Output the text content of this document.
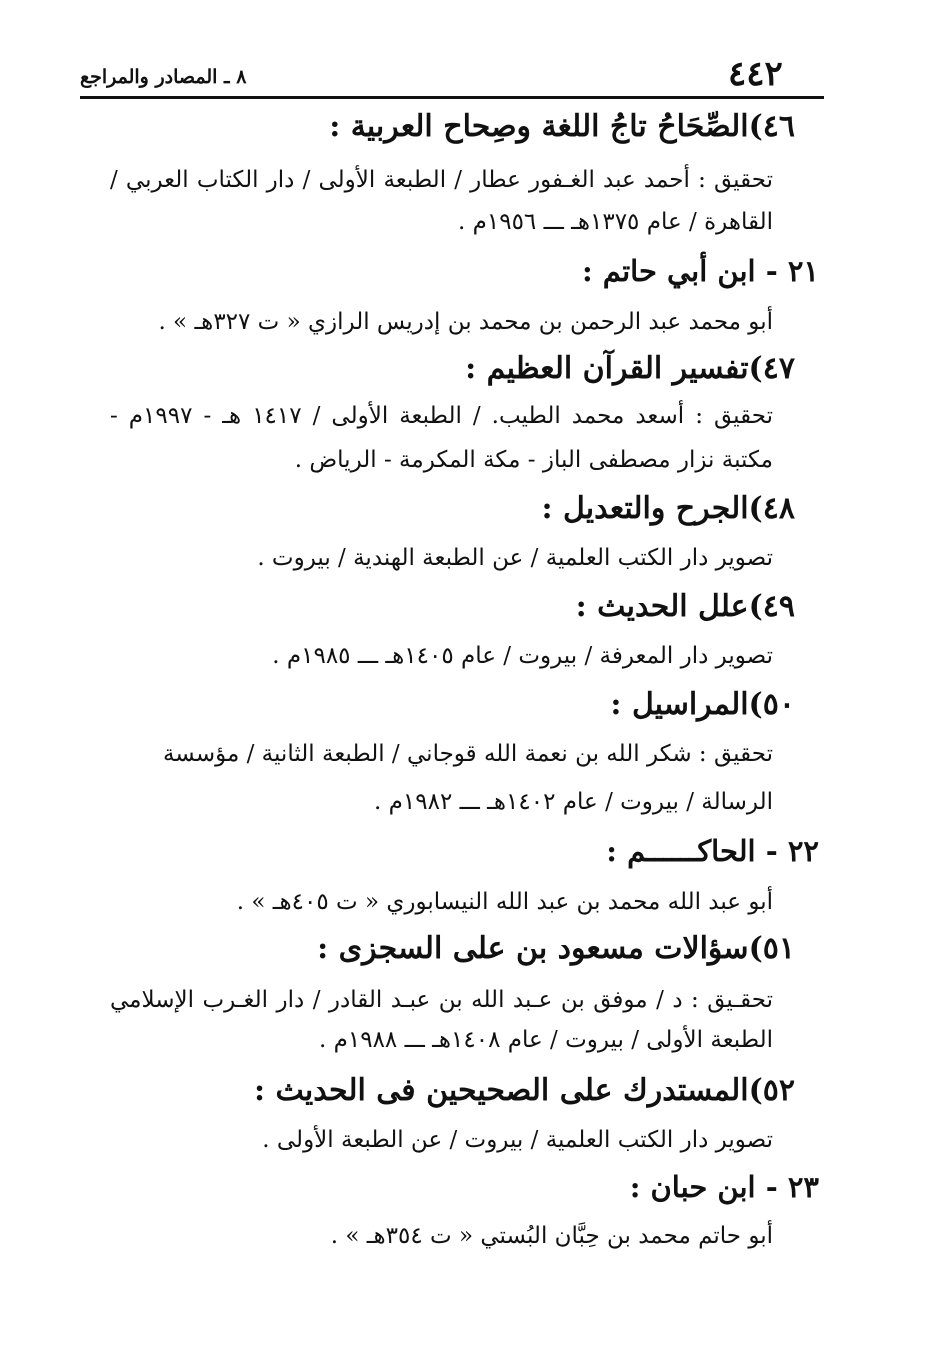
٤٤٢
٨ ـ المصادر والمراجع
٤٦)الصِّحَاحُ تاجُ اللغة وصِحاح العربية :
تحقيق : أحمد عبد الغـفور عطار / الطبعة الأولى / دار الكتاب العربي /
القاهرة / عام ١٣٧٥هـ ـــ ١٩٥٦م .
٢١ - ابن أبي حاتم :
أبو محمد عبد الرحمن بن محمد بن إدريس الرازي « ت ٣٢٧هـ » .
٤٧)تفسير القرآن العظيم :
تحقيق : أسعد محمد الطيب. / الطبعة الأولى / ١٤١٧ هـ - ١٩٩٧م -
مكتبة نزار مصطفى الباز - مكة المكرمة - الرياض .
٤٨)الجرح والتعديل :
تصوير دار الكتب العلمية / عن الطبعة الهندية / بيروت .
٤٩)علل الحديث :
تصوير دار المعرفة / بيروت / عام ١٤٠٥هـ ـــ ١٩٨٥م .
٥٠)المراسيل :
تحقيق : شكر الله بن نعمة الله قوجاني / الطبعة الثانية / مؤسسة
الرسالة / بيروت / عام ١٤٠٢هـ ـــ ١٩٨٢م .
٢٢ - الحاكــــــم :
أبو عبد الله محمد بن عبد الله النيسابوري « ت ٤٠٥هـ » .
٥١)سؤالات مسعود بن على السجزى :
تحقـيق : د / موفق بن عـبد الله بن عبـد القادر / دار الغـرب الإسلامي
الطبعة الأولى / بيروت / عام ١٤٠٨هـ ـــ ١٩٨٨م .
٥٢)المستدرك على الصحيحين فى الحديث :
تصوير دار الكتب العلمية / بيروت / عن الطبعة الأولى .
٢٣ - ابن حبان :
أبو حاتم محمد بن حِبَّان البُستي « ت ٣٥٤هـ » .
